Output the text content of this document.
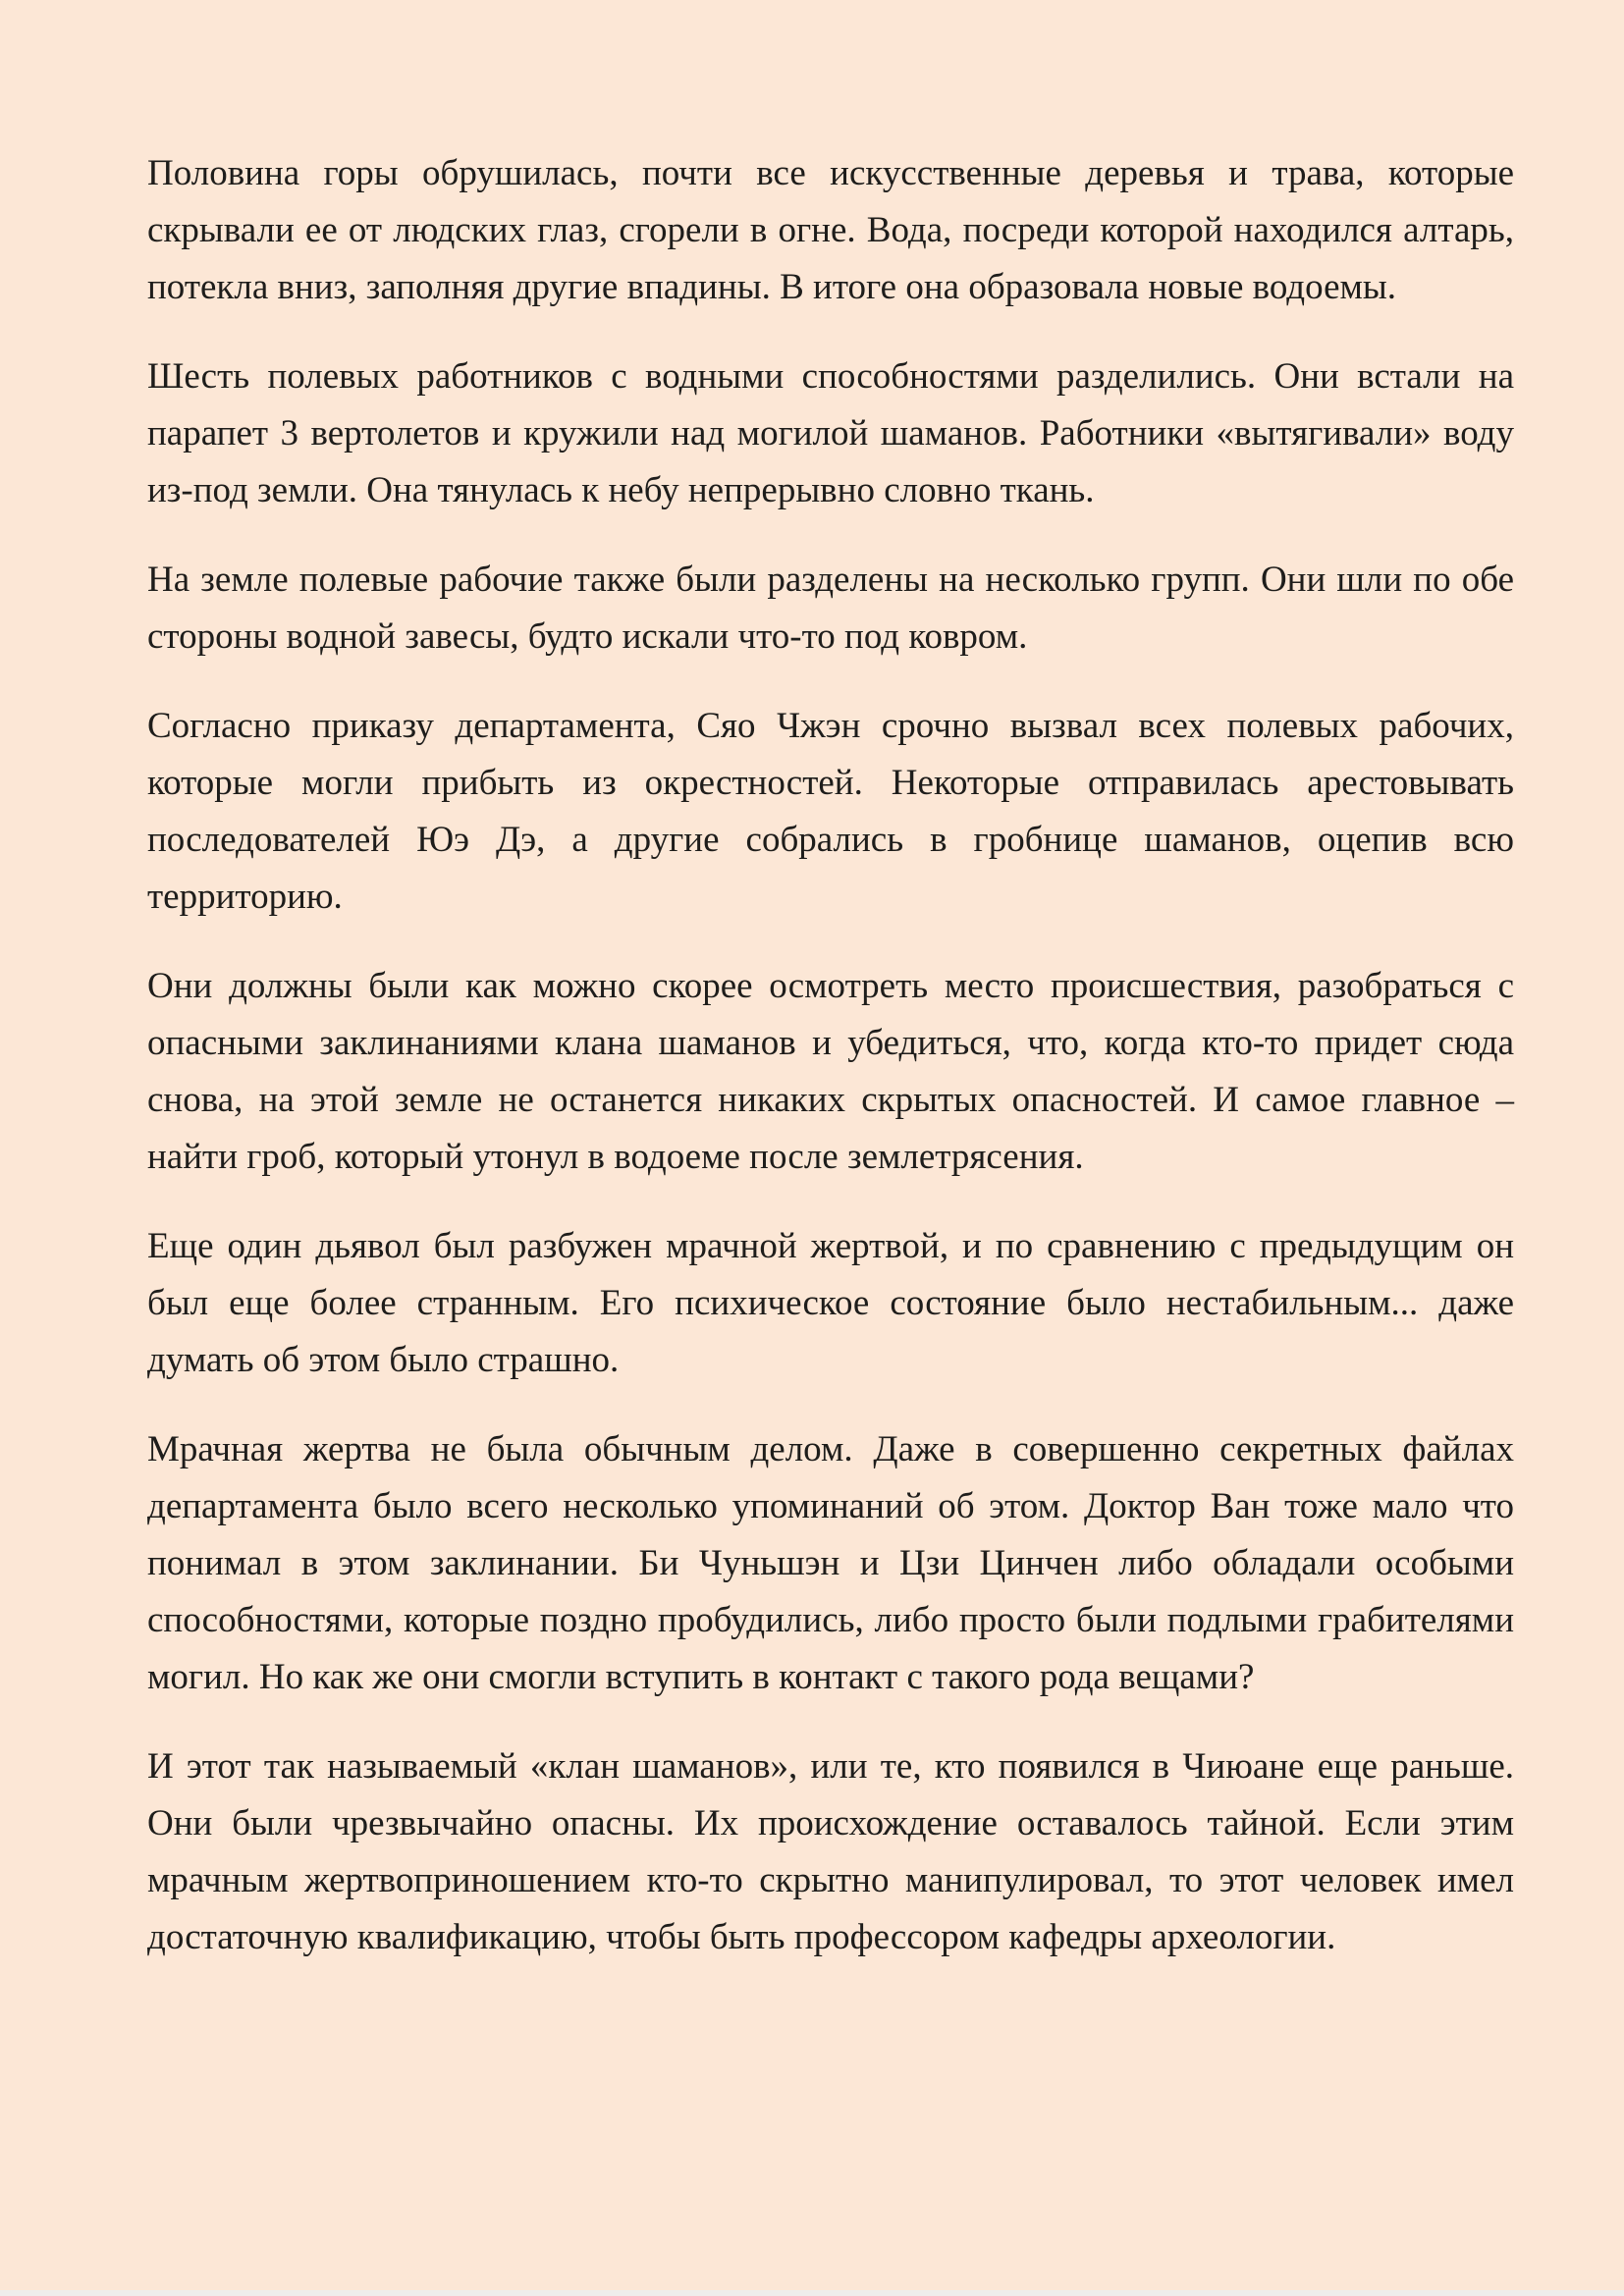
Половина горы обрушилась, почти все искусственные деревья и трава, которые скрывали ее от людских глаз, сгорели в огне. Вода, посреди которой находился алтарь, потекла вниз, заполняя другие впадины. В итоге она образовала новые водоемы.

Шесть полевых работников с водными способностями разделились. Они встали на парапет 3 вертолетов и кружили над могилой шаманов. Работники «вытягивали» воду из-под земли. Она тянулась к небу непрерывно словно ткань.

На земле полевые рабочие также были разделены на несколько групп. Они шли по обе стороны водной завесы, будто искали что-то под ковром.

Согласно приказу департамента, Сяо Чжэн срочно вызвал всех полевых рабочих, которые могли прибыть из окрестностей. Некоторые отправилась арестовывать последователей Юэ Дэ, а другие собрались в гробнице шаманов, оцепив всю территорию.

Они должны были как можно скорее осмотреть место происшествия, разобраться с опасными заклинаниями клана шаманов и убедиться, что, когда кто-то придет сюда снова, на этой земле не останется никаких скрытых опасностей. И самое главное – найти гроб, который утонул в водоеме после землетрясения.

Еще один дьявол был разбужен мрачной жертвой, и по сравнению с предыдущим он был еще более странным. Его психическое состояние было нестабильным... даже думать об этом было страшно.

Мрачная жертва не была обычным делом. Даже в совершенно секретных файлах департамента было всего несколько упоминаний об этом. Доктор Ван тоже мало что понимал в этом заклинании. Би Чуньшэн и Цзи Цинчен либо обладали особыми способностями, которые поздно пробудились, либо просто были подлыми грабителями могил. Но как же они смогли вступить в контакт с такого рода вещами?

И этот так называемый «клан шаманов», или те, кто появился в Чиюане еще раньше. Они были чрезвычайно опасны. Их происхождение оставалось тайной. Если этим мрачным жертвоприношением кто-то скрытно манипулировал, то этот человек имел достаточную квалификацию, чтобы быть профессором кафедры археологии.
